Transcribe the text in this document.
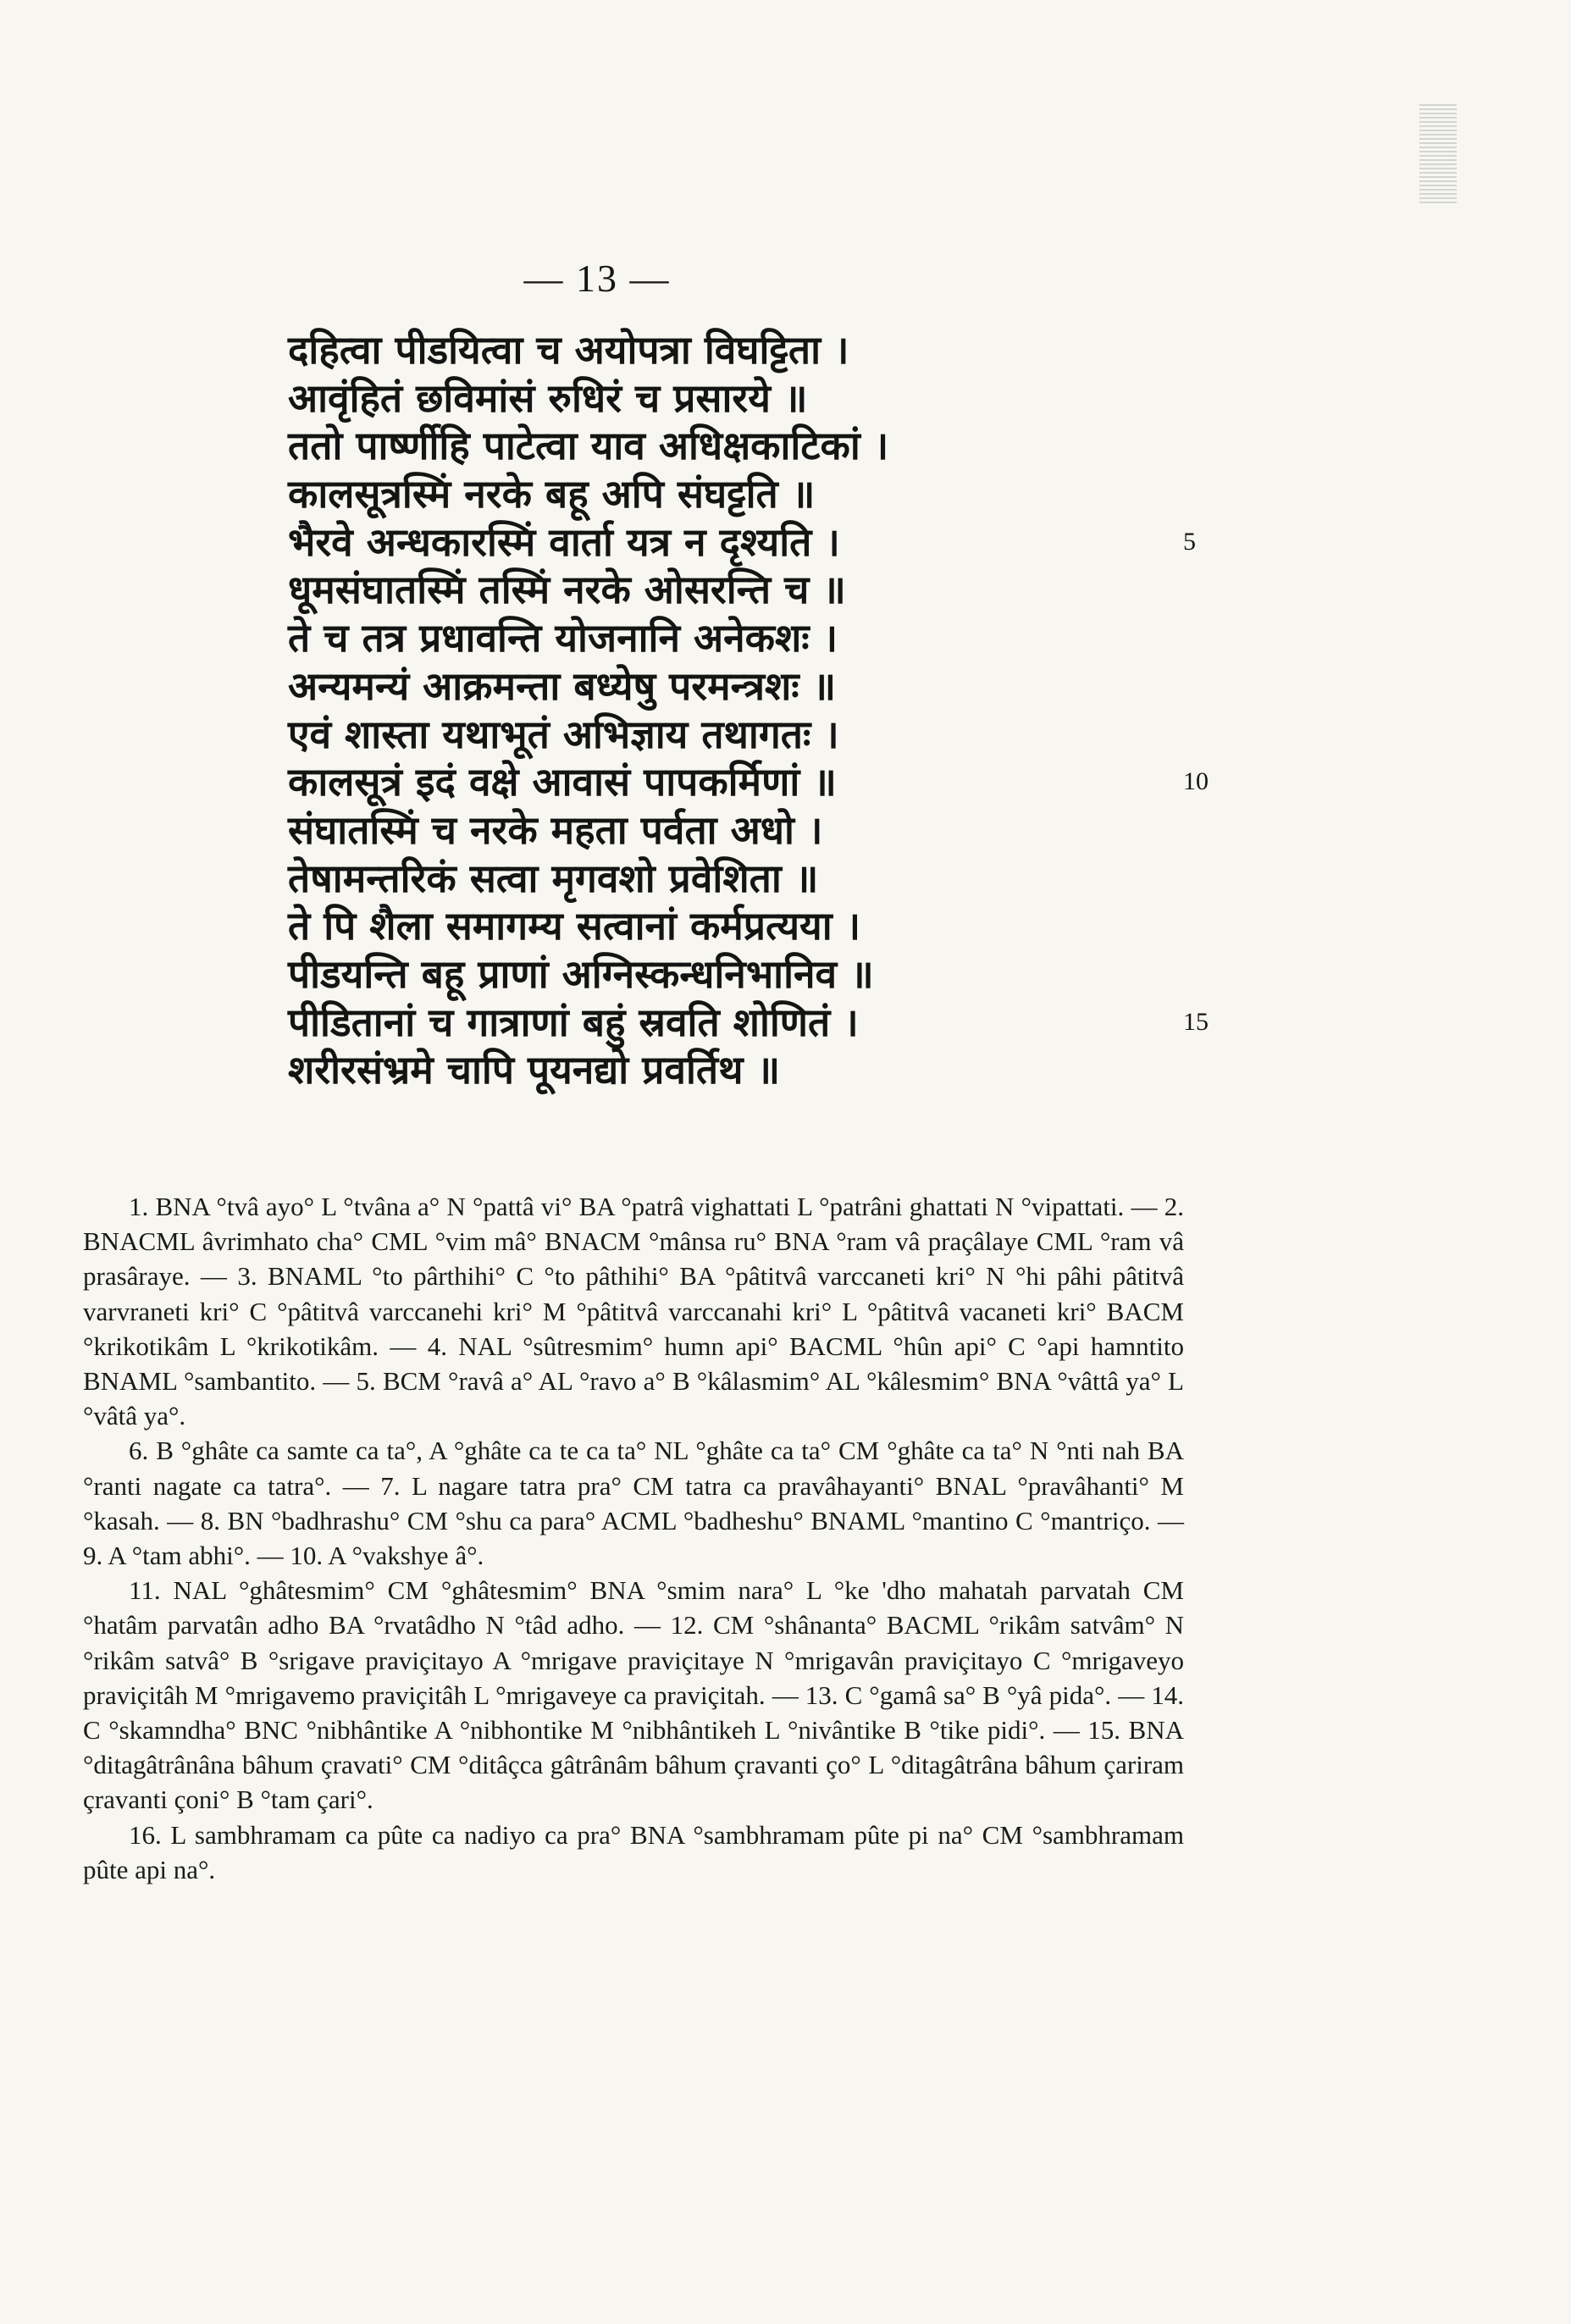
— 13 —
दहित्वा पीडयित्वा च अयोपत्रा विघट्टिता ।
आवृंहितं छविमांसं रुधिरं च प्रसारये ॥
ततो पार्ष्णीहि पाटेत्वा याव अधिक्षकाटिकां ।
कालसूत्रस्मिं नरके बहू अपि संघट्टति ॥
भैरवे अन्धकारस्मिं वार्ता यत्र न दृश्यति ।	5
धूमसंघातस्मिं तस्मिं नरके ओसरन्ति च ॥
ते च तत्र प्रधावन्ति योजनानि अनेकशः ।
अन्यमन्यं आक्रमन्ता बध्येषु परमन्त्रशः ॥
एवं शास्ता यथाभूतं अभिज्ञाय तथागतः ।
कालसूत्रं इदं वक्षे आवासं पापकर्मिणां ॥	10
संघातस्मिं च नरके महता पर्वता अधो ।
तेषामन्तरिकं सत्वा मृगवशो प्रवेशिता ॥
ते पि शैला समागम्य सत्वानां कर्मप्रत्यया ।
पीडयन्ति बहू प्राणां अग्निस्कन्धनिभानिव ॥
पीडितानां च गात्राणां बहुं स्रवति शोणितं ।	15
शरीरसंभ्रमे चापि पूयनद्यो प्रवर्तिथ ॥

1. BNA °tvâ ayo° L °tvâna a° N °pattâ vi° BA °patrâ vighattati L °patrâni ghattati N °vipattati. — 2. BNACML âvrimhato cha° CML °vim mâ° BNACM °mânsa ru° BNA °ram vâ praçâlaye CML °ram vâ prasâraye. — 3. BNAML °to pârthihi° C °to pâthihi° BA °pâtitvâ varccaneti kri° N °hi pâhi pâtitvâ varvraneti kri° C °pâtitvâ varccanehi kri° M °pâtitvâ varccanahi kri° L °pâtitvâ vacaneti kri° BACM °krikotikâm L °krikotikâm. — 4. NAL °sûtresmim° humn api° BACML °hûn api° C °api hamntito BNAML °sambantito. — 5. BCM °ravâ a° AL °ravo a° B °kâlasmim° AL °kâlesmim° BNA °vâttâ ya° L °vâtâ ya°.

6. B °ghâte ca samte ca ta°, A °ghâte ca te ca ta° NL °ghâte ca ta° CM °ghâte ca ta° N °nti nah BA °ranti nagate ca tatra°. — 7. L nagare tatra pra° CM tatra ca pravâhayanti° BNAL °pravâhanti° M °kasah. — 8. BN °badhrashu° CM °shu ca para° ACML °badheshu° BNAML °mantino C °mantriço. — 9. A °tam abhi°. — 10. A °vakshye â°.

11. NAL °ghâtesmim° CM °ghâtesmim° BNA °smim nara° L °ke 'dho mahatah parvatah CM °hatâm parvatân adho BA °rvatâdho N °tâd adho. — 12. CM °shânanta° BACML °rikâm satvâm° N °rikâm satvâ° B °srigave praviçitayo A °mrigave praviçitaye N °mrigavân praviçitayo C °mrigaveyo praviçitâh M °mrigavemo praviçitâh L °mrigaveye ca praviçitah. — 13. C °gamâ sa° B °yâ pida°. — 14. C °skamndha° BNC °nibhântike A °nibhontike M °nibhântikeh L °nivântike B °tike pidi°. — 15. BNA °ditagâtrânâna bâhum çravati° CM °ditâçca gâtrânâm bâhum çravanti ço° L °ditagâtrâna bâhum çariram çravanti çoni° B °tam çari°.

16. L sambhramam ca pûte ca nadiyo ca pra° BNA °sambhramam pûte pi na° CM °sambhramam pûte api na°.
